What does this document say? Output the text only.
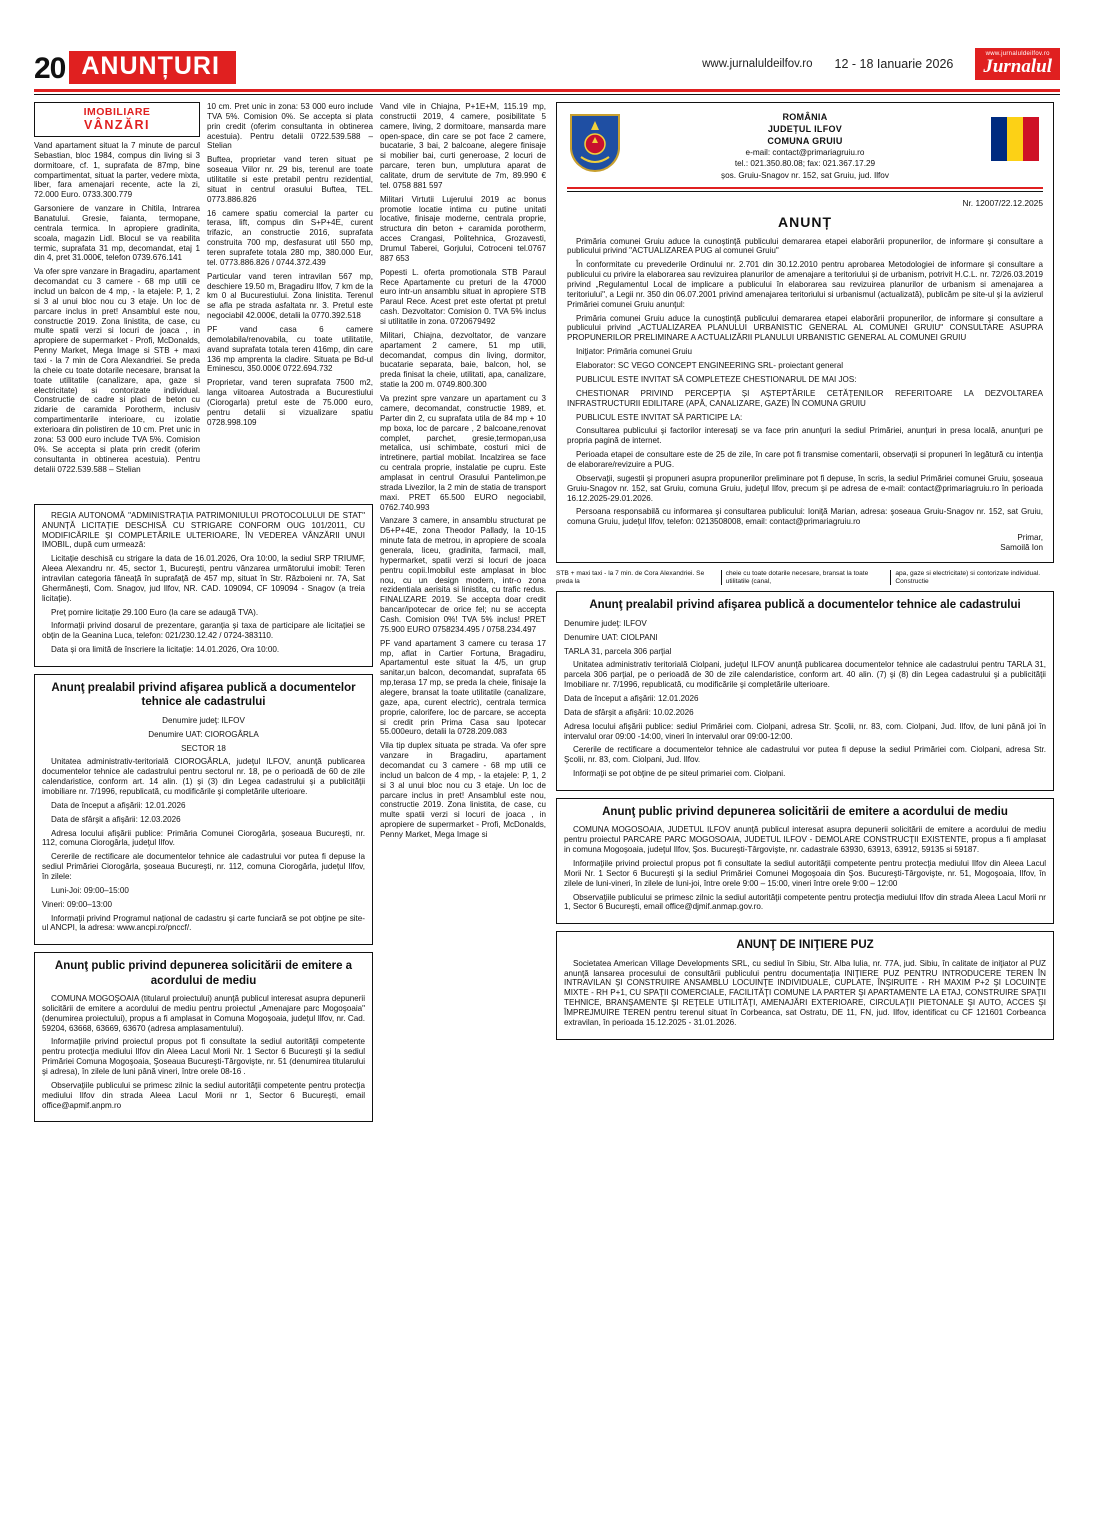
20 ANUNȚURI	www.jurnaluldeilfov.ro 12 - 18 Ianuarie 2026
www.jurnaluldeilfov.ro
Jurnalul
IMOBILIARE
VÂNZĂRI

Vand apartament situat la 7 minute de parcul Sebastian, bloc 1984, compus din living si 3 dormitoare, cf. 1, suprafata de 87mp, bine compartimentat, situat la parter, vedere mixta, liber, fara amenajari recente, acte la zi, 72.000 Euro. 0733.300.779

Garsoniere de vanzare in Chitila, Intrarea Banatului. Gresie, faianta, termopane, centrala termica. In apropiere gradinita, scoala, magazin Lidl. Blocul se va reabilita termic, suprafata 31 mp, decomandat, etaj 1 din 4, pret 31.000€, telefon 0739.676.141

Va ofer spre vanzare in Bragadiru, apartament decomandat cu 3 camere - 68 mp utili ce includ un balcon de 4 mp, - la etajele: P, 1, 2 si 3 al unui bloc nou cu 3 etaje. Un loc de parcare inclus in pret! Ansamblul este nou, constructie 2019. Zona linistita, de case, cu multe spatii verzi si locuri de joaca , in apropiere de supermarket - Profi, McDonalds, Penny Market, Mega Image si STB + maxi taxi - la 7 min de Cora Alexandriei. Se preda la cheie cu toate dotarile necesare, bransat la toate utilitatile (canalizare, apa, gaze si electricitate) si contorizate individual. Constructie de cadre si placi de beton cu zidarie de caramida Porotherm, inclusiv compartimentarile interioare, cu izolatie exterioara din polistiren de 10 cm. Pret unic in zona: 53 000 euro include TVA 5%. Comision 0%. Se accepta si plata prin credit (oferim consultanta in obtinerea acestuia). Pentru detalii 0722.539.588 – Stelian

10 cm. Pret unic in zona: 53 000 euro include TVA 5%. Comision 0%. Se accepta si plata prin credit (oferim consultanta in obtinerea acestuia). Pentru detalii 0722.539.588 – Stelian

Buftea, proprietar vand teren situat pe soseaua Viilor nr. 29 bis, terenul are toate utilitatile si este pretabil pentru rezidential, situat in centrul orasului Buftea, TEL. 0773.886.826

16 camere spatiu comercial la parter cu terasa, lift, compus din S+P+4E, curent trifazic, an constructie 2016, suprafata construita 700 mp, desfasurat util 550 mp, teren suprafete totala 280 mp, 380.000 Eur, tel. 0773.886.826 / 0744.372.439

Particular vand teren intravilan 567 mp, deschiere 19.50 m, Bragadiru Ilfov, 7 km de la km 0 al Bucurestiului. Zona linistita. Terenul se afla pe strada asfaltata nr. 3. Pretul este negociabil 42.000€, detalii la 0770.392.518

PF vand casa 6 camere demolabila/renovabila, cu toate utilitatile, avand suprafata totala teren 416mp, din care 136 mp amprenta la cladire. Situata pe Bd-ul Eminescu, 350.000€ 0722.694.732

Proprietar, vand teren suprafata 7500 m2, langa viitoarea Autostrada a Bucurestiului (Ciorogarla) pretul este de 75.000 euro, pentru detalii si vizualizare spatiu 0728.998.109

Vand vile in Chiajna, P+1E+M, 115.19 mp, constructii 2019, 4 camere, posibilitate 5 camere, living, 2 dormitoare, mansarda mare open-space, din care se pot face 2 camere, bucatarie, 3 bai, 2 balcoane, alegere finisaje si mobilier bai, curti generoase, 2 locuri de parcare, teren bun, umplutura aparat de calitate, drum de servitute de 7m, 89.990 € tel. 0758 881 597

Militari Virtutii Lujerului 2019 ac bonus promotie locatie intima cu putine unitati locative, finisaje moderne, centrala proprie, structura din beton + caramida porotherm, acces Crangasi, Politehnica, Grozavesti, Drumul Taberei, Gorjului, Cotroceni tel.0767 887 653

Popesti L. oferta promotionala STB Paraul Rece Apartamente cu preturi de la 47000 euro intr-un ansamblu situat in apropiere STB Paraul Rece. Acest pret este ofertat pt pretul cash. Dezvoltator: Comision 0. TVA 5% inclus si utilitatile in zona. 0720679492

Militari, Chiajna, dezvoltator, de vanzare apartament 2 camere, 51 mp utili, decomandat, compus din living, dormitor, bucatarie separata, baie, balcon, hol, se preda finisat la cheie, utilitati, apa, canalizare, statie la 200 m. 0749.800.300

Va prezint spre vanzare un apartament cu 3 camere, decomandat, constructie 1989, et. Parter din 2, cu suprafata utila de 84 mp + 10 mp boxa, loc de parcare , 2 balcoane,renovat complet, parchet, gresie,termopan,usa metalica, usi schimbate, costuri mici de intretinere, partial mobilat. Incalzirea se face cu centrala proprie, instalatie pe cupru. Este amplasat in centrul Orasului Pantelimon,pe strada Livezilor, la 2 min de statia de transport maxi. PRET 65.500 EURO negociabil, 0762.740.993

Vanzare 3 camere, in ansamblu structurat pe D5+P+4E, zona Theodor Pallady, la 10-15 minute fata de metrou, in apropiere de scoala generala, liceu, gradinita, farmacii, mall, hypermarket, spatii verzi si locuri de joaca pentru copii.Imobilul este amplasat in bloc nou, cu un design modern, intr-o zona rezidentiala aerisita si linistita, cu trafic redus. FINALIZARE 2019. Se accepta doar credit bancar/ipotecar de orice fel; nu se accepta Cash. Comision 0%! TVA 5% inclus! PRET 75.900 EURO 0758234.495 / 0758.234.497

PF vand apartament 3 camere cu terasa 17 mp, aflat in Cartier Fortuna, Bragadiru, Apartamentul este situat la 4/5, un grup sanitar,un balcon, decomandat, suprafata 65 mp,terasa 17 mp, se preda la cheie, finisaje la alegere, bransat la toate utilitatile (canalizare, gaze, apa, curent electric), centrala termica proprie, calorifere, loc de parcare, se accepta si credit prin Prima Casa sau Ipotecar 55.000euro, detalii la 0728.209.083

Vila tip duplex situata pe strada. Va ofer spre vanzare in Bragadiru, apartament decomandat cu 3 camere - 68 mp utili ce includ un balcon de 4 mp, - la etajele: P, 1, 2 si 3 al unui bloc nou cu 3 etaje. Un loc de parcare inclus in pret! Ansamblul este nou, constructie 2019. Zona linistita, de case, cu multe spatii verzi si locuri de joaca , in apropiere de supermarket - Profi, McDonalds, Penny Market, Mega Image si

REGIA AUTONOMĂ "ADMINISTRAȚIA PATRIMONIULUI PROTOCOLULUI DE STAT" ANUNȚĂ LICITAȚIE DESCHISĂ CU STRIGARE CONFORM OUG 101/2011, CU MODIFICĂRILE ȘI COMPLETĂRILE ULTERIOARE, ÎN VEDEREA VÂNZĂRII UNUI IMOBIL, după cum urmează:

Licitație deschisă cu strigare la data de 16.01.2026, Ora 10:00, la sediul SRP TRIUMF, Aleea Alexandru nr. 45, sector 1, București, pentru vânzarea următorului imobil: Teren intravilan categoria fâneață în suprafață de 457 mp, situat în Str. Războieni nr. 7A, Sat Ghermănești, Com. Snagov, jud Ilfov, NR. CAD. 109094, CF 109094 - Snagov (a treia licitație).

Preț pornire licitație 29.100 Euro (la care se adaugă TVA).

Informații privind dosarul de prezentare, garanția și taxa de participare ale licitației se obțin de la Geanina Luca, telefon: 021/230.12.42 / 0724-383110.

Data și ora limită de înscriere la licitație: 14.01.2026, Ora 10:00.

Anunţ prealabil privind afişarea publică a documentelor tehnice ale cadastrului

Denumire judeţ: ILFOV

Denumire UAT: CIOROGÂRLA

SECTOR 18

Unitatea administrativ-teritorială CIOROGÂRLA, judeţul ILFOV, anunţă publicarea documentelor tehnice ale cadastrului pentru sectorul nr. 18, pe o perioadă de 60 de zile calendaristice, conform art. 14 alin. (1) şi (3) din Legea cadastrului şi a publicităţii imobiliare nr. 7/1996, republicată, cu modificările şi completările ulterioare.

Data de început a afişării: 12.01.2026

Data de sfârşit a afişării: 12.03.2026

Adresa locului afişării publice: Primăria Comunei Ciorogârla, şoseaua Bucureşti, nr. 112, comuna Ciorogârla, judeţul Ilfov.

Cererile de rectificare ale documentelor tehnice ale cadastrului vor putea fi depuse la sediul Primăriei Ciorogârla, şoseaua Bucureşti, nr. 112, comuna Ciorogârla, judeţul Ilfov, în zilele:

Luni-Joi: 09:00–15:00

Vineri: 09:00–13:00

Informaţii privind Programul naţional de cadastru şi carte funciară se pot obţine pe site-ul ANCPI, la adresa: www.ancpi.ro/pnccf/.

Anunţ public privind depunerea solicitării de emitere a acordului de mediu

COMUNA MOGOŞOAIA (titularul proiectului) anunţă publicul interesat asupra depunerii solicitării de emitere a acordului de mediu pentru proiectul „Amenajare parc Mogoşoaia"(denumirea proiectului), propus a fi amplasat in Comuna Mogoşoaia, judeţul Ilfov, nr. Cad. 59204, 63668, 63669, 63670 (adresa amplasamentului).

Informaţiile privind proiectul propus pot fi consultate la sediul autorităţii competente pentru protecţia mediului Ilfov din Aleea Lacul Morii Nr. 1 Sector 6 Bucureşti şi la sediul Primăriei Comuna Mogoşoaia, Şoseaua Bucureşti-Târgovişte, nr. 51 (denumirea titularului şi adresa), în zilele de luni până vineri, între orele 08-16 .

Observaţiile publicului se primesc zilnic la sediul autorităţii competente pentru protecţia mediului Ilfov din strada Aleea Lacul Morii nr 1, Sector 6 Bucureşti, email office@apmif.anpm.ro

ROMÂNIA
JUDEȚUL ILFOV
COMUNA GRUIU
e-mail: contact@primariagruiu.ro
tel.: 021.350.80.08; fax: 021.367.17.29
șos. Gruiu-Snagov nr. 152, sat Gruiu, jud. Ilfov
Nr. 12007/22.12.2025
ANUNȚ

Primăria comunei Gruiu aduce la cunoştinţă publicului demararea etapei elaborării propunerilor, de informare şi consultare a publicului privind "ACTUALIZAREA PUG al comunei Gruiu"

În conformitate cu prevederile Ordinului nr. 2.701 din 30.12.2010 pentru aprobarea Metodologiei de informare și consultare a publicului cu privire la elaborarea sau revizuirea planurilor de amenajare a teritoriului și de urbanism, potrivit H.C.L. nr. 72/26.03.2019 privind „Regulamentul Local de implicare a publicului în elaborarea sau revizuirea planurilor de urbanism si amenajarea a teritoriului", a Legii nr. 350 din 06.07.2001 privind amenajarea teritoriului si urbanismul (actualizată), publicăm pe site-ul şi la avizierul Primăriei comunei Gruiu anunţul:

Primăria comunei Gruiu aduce la cunoştinţă publicului demararea etapei elaborării propunerilor, de informare şi consultare a publicului privind „ACTUALIZAREA PLANULUI URBANISTIC GENERAL AL COMUNEI GRUIU" CONSULTARE ASUPRA PROPUNERILOR PRELIMINARE A ACTUALIZĂRII PLANULUI URBANISTIC GENERAL AL COMUNEI GRUIU

Iniţiator: Primăria comunei Gruiu

Elaborator: SC VEGO CONCEPT ENGINEERING SRL- proiectant general

PUBLICUL ESTE INVITAT SĂ COMPLETEZE CHESTIONARUL DE MAI JOS:

CHESTIONAR PRIVIND PERCEPȚIA ȘI AȘTEPTĂRILE CETĂȚENILOR REFERITOARE LA DEZVOLTAREA INFRASTRUCTURII EDILITARE (APĂ, CANALIZARE, GAZE) ÎN COMUNA GRUIU

PUBLICUL ESTE INVITAT SĂ PARTICIPE LA:

Consultarea publicului şi factorilor interesaţi se va face prin anunţuri la sediul Primăriei, anunţuri in presa locală, anunţuri pe propria pagină de internet.

Perioada etapei de consultare este de 25 de zile, în care pot fi transmise comentarii, observații si propuneri în legătură cu intenţia de elaborare/revizuire a PUG.

Observaţii, sugestii şi propuneri asupra propunerilor preliminare pot fi depuse, în scris, la sediul Primăriei comunei Gruiu, şoseaua Gruiu-Snagov nr. 152, sat Gruiu, comuna Gruiu, judeţul Ilfov, precum şi pe adresa de e-mail: contact@primariagruiu.ro în perioada 16.12.2025-29.01.2026.

Persoana responsabilă cu informarea şi consultarea publicului: Ioniţă Marian, adresa: şoseaua Gruiu-Snagov nr. 152, sat Gruiu, comuna Gruiu, judeţul Ilfov, telefon: 0213508008, email: contact@primariagruiu.ro

Primar,
Samoilă Ion
STB + maxi taxi - la 7 min. de Cora Alexandriei. Se preda la
cheie cu toate dotarile necesare, bransat la toate utilitatile (canal,
apa, gaze si electricitate) si contorizate individual. Constructie
Anunţ prealabil privind afişarea publică a documentelor tehnice ale cadastrului

Denumire judeţ: ILFOV

Denumire UAT: CIOLPANI

TARLA 31, parcela 306 parţial

Unitatea administrativ teritorială Ciolpani, judeţul ILFOV anunţă publicarea documentelor tehnice ale cadastrului pentru TARLA 31, parcela 306 parţial, pe o perioadă de 30 de zile calendaristice, conform art. 40 alin. (7) şi (8) din Legea cadastrului şi a publicităţii Imobiliare nr. 7/1996, republicată, cu modificările şi completările ulterioare.

Data de început a afişării: 12.01.2026

Data de sfârşit a afişării: 10.02.2026

Adresa locului afişării publice: sediul Primăriei com. Ciolpani, adresa Str. Şcolii, nr. 83, com. Ciolpani, Jud. Ilfov, de luni până joi în intervalul orar 09:00 -14:00, vineri în intervalul orar 09:00-12:00.

Cererile de rectificare a documentelor tehnice ale cadastrului vor putea fi depuse la sediul Primăriei com. Ciolpani, adresa Str. Şcolii, nr. 83, com. Ciolpani, Jud. Ilfov.

Informaţii se pot obţine de pe siteul primariei com. Ciolpani.

Anunţ public privind depunerea solicitării de emitere a acordului de mediu

COMUNA MOGOSOAIA, JUDETUL ILFOV anunţă publicul interesat asupra depunerii solicitării de emitere a acordului de mediu pentru proiectul PARCARE PARC MOGOSOAIA, JUDETUL ILFOV - DEMOLARE CONSTRUCŢII EXISTENTE, propus a fi amplasat in comuna Mogoşoaia, judeţul Ilfov, Şos. Bucureşti-Târgovişte, nr. cadastrale 63930, 63913, 63912, 59135 si 59187.

Informaţiile privind proiectul propus pot fi consultate la sediul autorităţii competente pentru protecţia mediului Ilfov din Aleea Lacul Morii Nr. 1 Sector 6 Bucureşti şi la sediul Primăriei Comunei Mogoşoaia din Şos. Bucureşti-Târgovişte, nr. 51, Mogoşoaia, Ilfov, în zilele de luni-vineri, în zilele de luni-joi, între orele 9:00 – 15:00, vineri între orele 9:00 – 12:00

Observaţiile publicului se primesc zilnic la sediul autorităţii competente pentru protecţia mediului Ilfov din strada Aleea Lacul Morii nr 1, Sector 6 Bucureşti, email office@djmif.anmap.gov.ro.

ANUNŢ DE INIŢIERE PUZ

Societatea American Village Developments SRL, cu sediul în Sibiu, Str. Alba Iulia, nr. 77A, jud. Sibiu, în calitate de iniţiator al PUZ anunţă lansarea procesului de consultării publicului pentru documentaţia INIŢIERE PUZ PENTRU INTRODUCERE TEREN ÎN INTRAVILAN ŞI CONSTRUIRE ANSAMBLU LOCUINŢE INDIVIDUALE, CUPLATE, ÎNŞIRUITE - RH MAXIM P+2 ŞI LOCUINŢE MIXTE - RH P+1, CU SPAŢII COMERCIALE, FACILITĂŢI COMUNE LA PARTER ŞI APARTAMENTE LA ETAJ, CONSTRUIRE SPAŢII TEHNICE, BRANŞAMENTE ŞI REŢELE UTILITĂŢI, AMENAJĂRI EXTERIOARE, CIRCULAŢII PIETONALE ŞI AUTO, ACCES ŞI ÎMPREJMUIRE TEREN pentru terenul situat în Corbeanca, sat Ostratu, DE 11, FN, jud. Ilfov, identificat cu CF 121601 Corbeanca extravilan, în perioada 15.12.2025 - 31.01.2026.
